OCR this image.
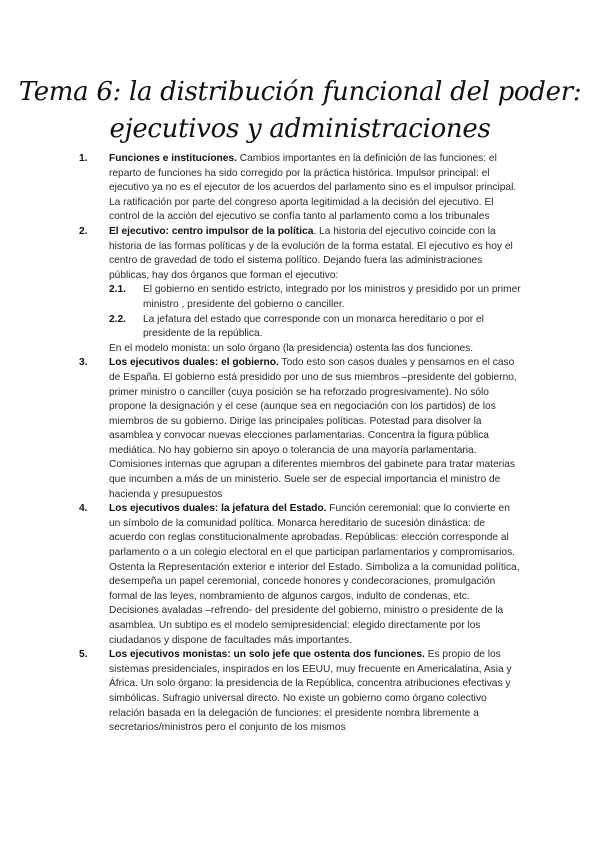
Tema 6: la distribución funcional del poder:
ejecutivos y administraciones

1. Funciones e instituciones. Cambios importantes en la definición de las funciones: el reparto de funciones ha sido corregido por la práctica histórica. Impulsor principal: el ejecutivo ya no es el ejecutor de los acuerdos del parlamento sino es el impulsor principal. La ratificación por parte del congreso aporta legitimidad a la decisión del ejecutivo. El control de la acción del ejecutivo se confía tanto al parlamento como a los tribunales

2. El ejecutivo: centro impulsor de la política. La historia del ejecutivo coincide con la historia de las formas políticas y de la evolución de la forma estatal. El ejecutivo es hoy el centro de gravedad de todo el sistema político. Dejando fuera las administraciones públicas, hay dos órganos que forman el ejecutivo:

2.1. El gobierno en sentido estricto, integrado por los ministros y presidido por un primer ministro , presidente del gobierno o canciller.

2.2. La jefatura del estado que corresponde con un monarca hereditario o por el presidente de la república.

En el modelo monista: un solo órgano (la presidencia) ostenta las dos funciones.

3. Los ejecutivos duales: el gobierno. Todo esto son casos duales y pensamos en el caso de España. El gobierno está presidido por uno de sus miembros –presidente del gobierno, primer ministro o canciller (cuya posición se ha reforzado progresivamente). No sólo propone la designación y el cese (aunque sea en negociación con los partidos) de los miembros de su gobierno. Dirige las principales políticas. Potestad para disolver la asamblea y convocar nuevas elecciones parlamentarias. Concentra la figura pública mediática. No hay gobierno sin apoyo o tolerancia de una mayoría parlamentaria. Comisiones internas que agrupan a diferentes miembros del gabinete para tratar materias que incumben a más de un ministerio. Suele ser de especial importancia el ministro de hacienda y presupuestos

4. Los ejecutivos duales: la jefatura del Estado. Función ceremonial: que lo convierte en un símbolo de la comunidad política. Monarca hereditario de sucesión dinástica: de acuerdo con reglas constitucionalmente aprobadas. Repúblicas: elección corresponde al parlamento o a un colegio electoral en el que participan parlamentarios y compromisarios. Ostenta la Representación exterior e interior del Estado. Simboliza a la comunidad política, desempeña un papel ceremonial, concede honores y condecoraciones, promulgación formal de las leyes, nombramiento de algunos cargos, indulto de condenas, etc. Decisiones avaladas –refrendo- del presidente del gobierno, ministro o presidente de la asamblea. Un subtipo es el modelo semipresidencial: elegido directamente por los ciudadanos y dispone de facultades más importantes.

5. Los ejecutivos monistas: un solo jefe que ostenta dos funciones. Es propio de los sistemas presidenciales, inspirados en los EEUU, muy frecuente en Americalatina, Asia y África. Un solo órgano: la presidencia de la República, concentra atribuciones efectivas y simbólicas. Sufragio universal directo. No existe un gobierno como órgano colectivo relación basada en la delegación de funciones: el presidente nombra libremente a secretarios/ministros pero el conjunto de los mismos
